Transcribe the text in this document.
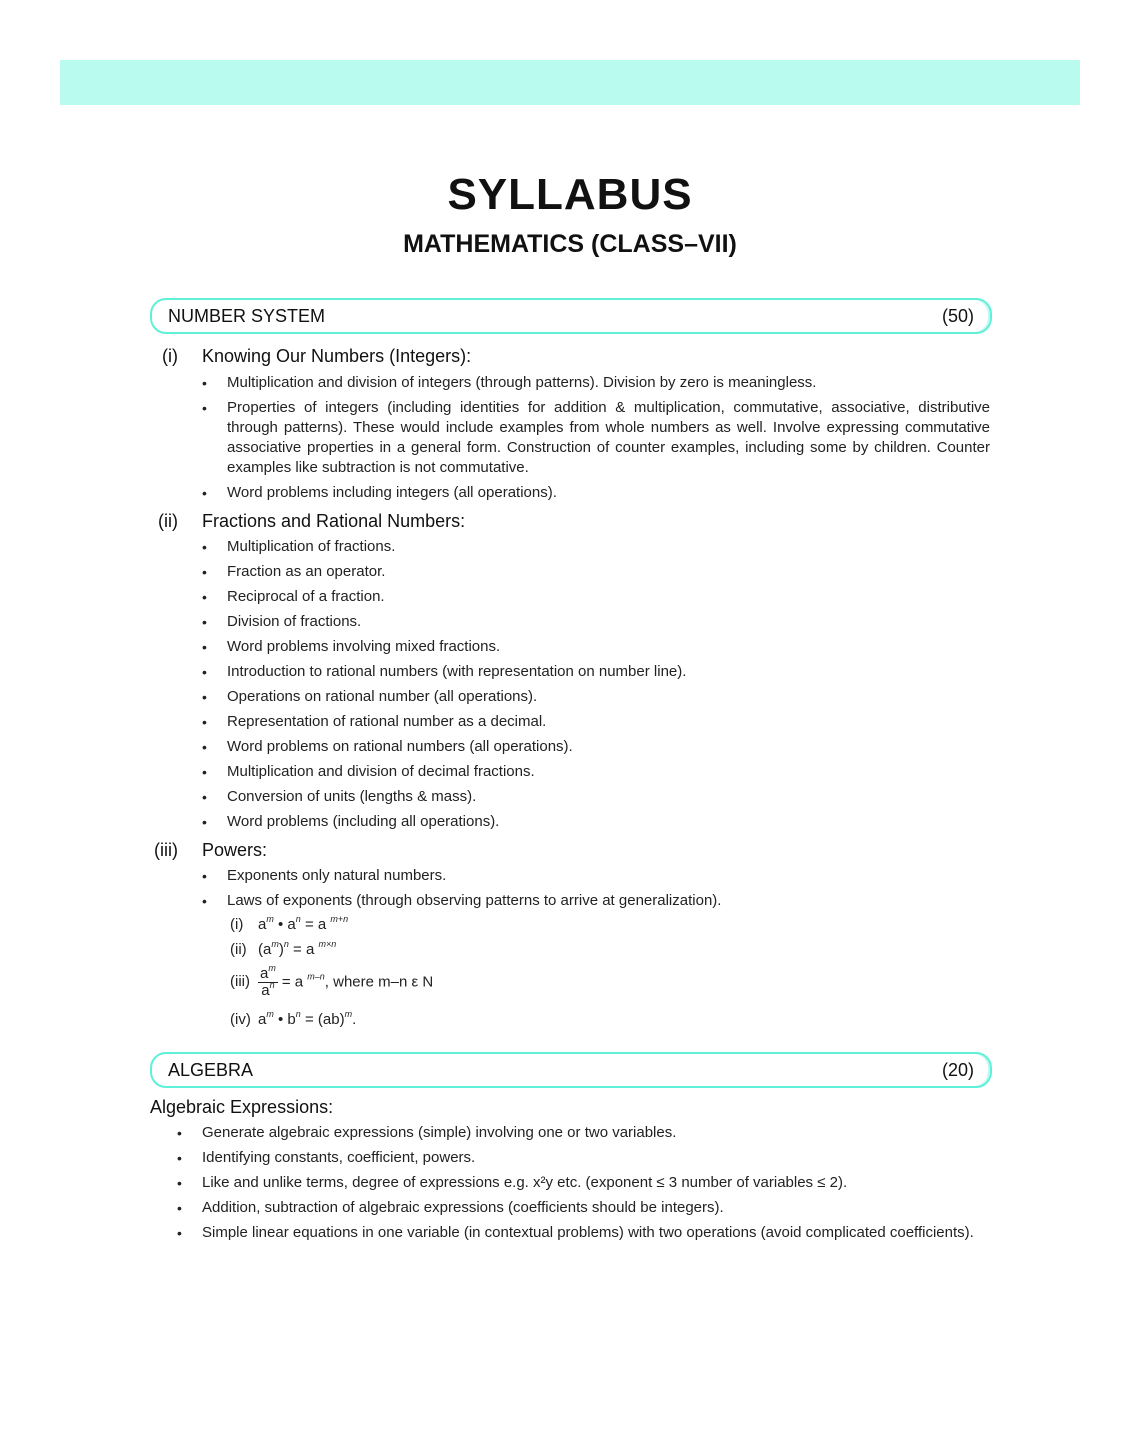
SYLLABUS
MATHEMATICS (CLASS–VII)
NUMBER SYSTEM	(50)
(i) Knowing Our Numbers (Integers):
• Multiplication and division of integers (through patterns). Division by zero is meaningless.
• Properties of integers (including identities for addition & multiplication, commutative, associative, distributive through patterns). These would include examples from whole numbers as well. Involve expressing commutative associative properties in a general form. Construction of counter examples, including some by children. Counter examples like subtraction is not commutative.
• Word problems including integers (all operations).
(ii) Fractions and Rational Numbers:
• Multiplication of fractions.
• Fraction as an operator.
• Reciprocal of a fraction.
• Division of fractions.
• Word problems involving mixed fractions.
• Introduction to rational numbers (with representation on number line).
• Operations on rational number (all operations).
• Representation of rational number as a decimal.
• Word problems on rational numbers (all operations).
• Multiplication and division of decimal fractions.
• Conversion of units (lengths & mass).
• Word problems (including all operations).
(iii) Powers:
• Exponents only natural numbers.
• Laws of exponents (through observing patterns to arrive at generalization).
(i) $a^m$ • $a^n = a$ $^{m+n}$
(ii) $(a^m)^n = a$ $^{m\times n}$
$(iii) \frac{a^m}{a^n} = a$ $^{m-n}$, where m–n ε N
(iv) $a^m$ • $b^n = (ab)^m$.
ALGEBRA	(20)
Algebraic Expressions:
• Generate algebraic expressions (simple) involving one or two variables.
• Identifying constants, coefficient, powers.
• Like and unlike terms, degree of expressions e.g. x²y etc. (exponent ≤ 3 number of variables ≤ 2).
• Addition, subtraction of algebraic expressions (coefficients should be integers).
• Simple linear equations in one variable (in contextual problems) with two operations (avoid complicated coefficients).
